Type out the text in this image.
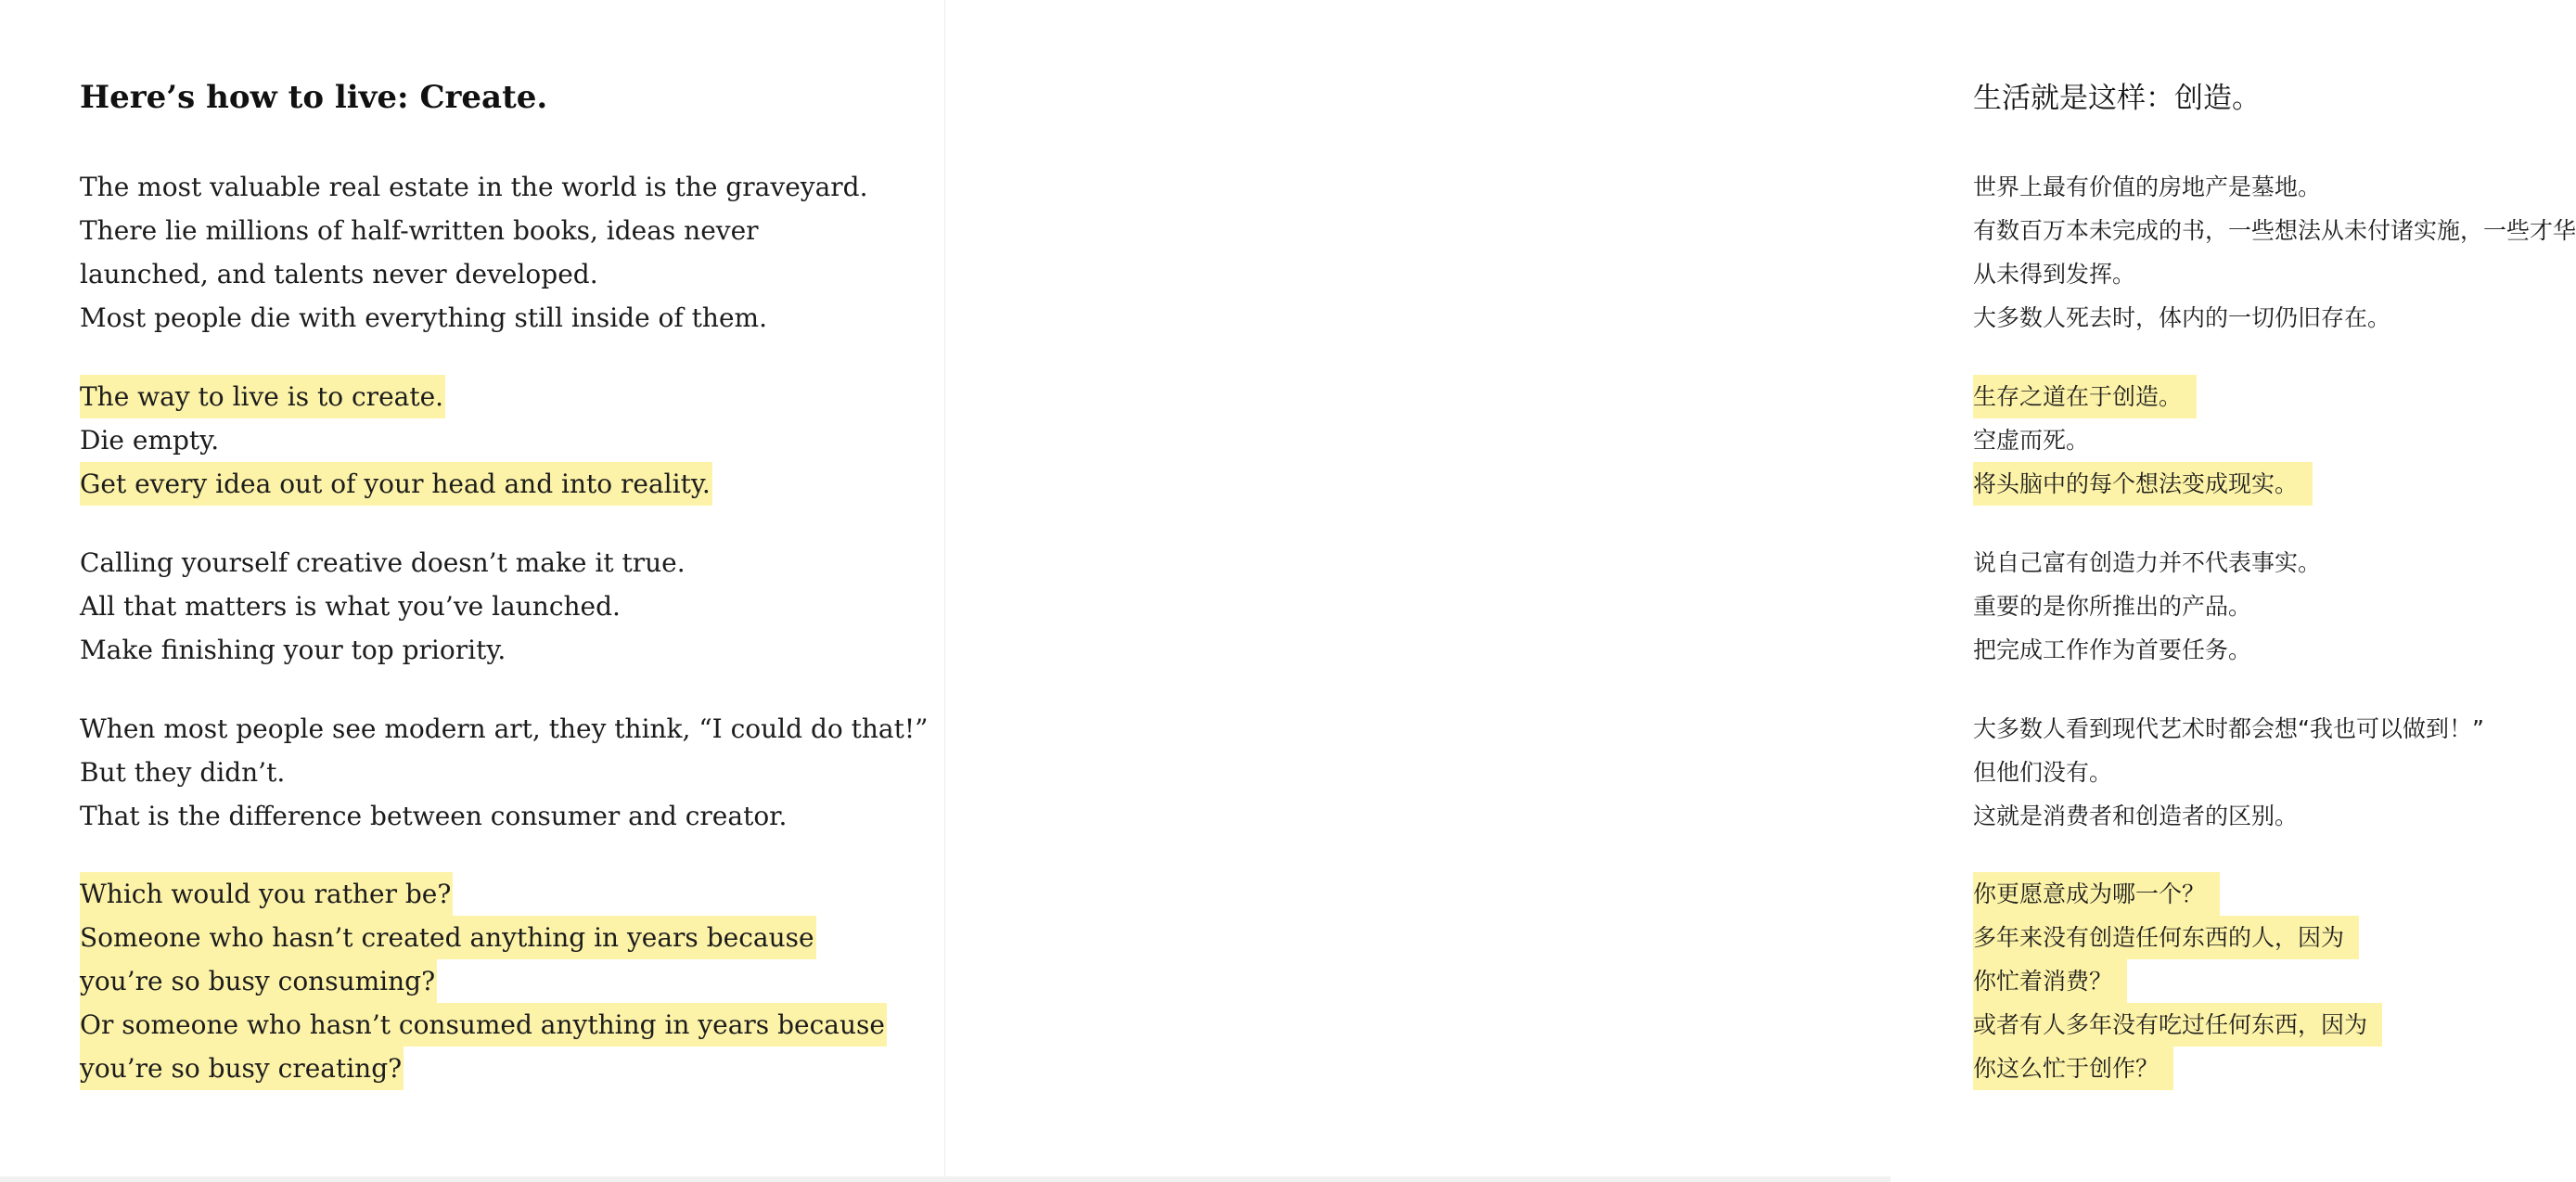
Here’s how to live: Create.
The most valuable real estate in the world is the graveyard.
There lie millions of half-written books, ideas never
launched, and talents never developed.
Most people die with everything still inside of them.
The way to live is to create.
Die empty.
Get every idea out of your head and into reality.
Calling yourself creative doesn’t make it true.
All that matters is what you’ve launched.
Make finishing your top priority.
When most people see modern art, they think, “I could do that!”
But they didn’t.
That is the difference between consumer and creator.
Which would you rather be?
Someone who hasn’t created anything in years because
you’re so busy consuming?
Or someone who hasn’t consumed anything in years because
you’re so busy creating?
生活就是这样：创造。
世界上最有价值的房地产是墓地。
有数百万本未完成的书，一些想法从未付诸实施，一些才华
从未得到发挥。
大多数人死去时，体内的一切仍旧存在。
生存之道在于创造。
空虚而死。
将头脑中的每个想法变成现实。
说自己富有创造力并不代表事实。
重要的是你所推出的产品。
把完成工作作为首要任务。
大多数人看到现代艺术时都会想“我也可以做到！”
但他们没有。
这就是消费者和创造者的区别。
你更愿意成为哪一个？
多年来没有创造任何东西的人，因为
你忙着消费？
或者有人多年没有吃过任何东西，因为
你这么忙于创作？
